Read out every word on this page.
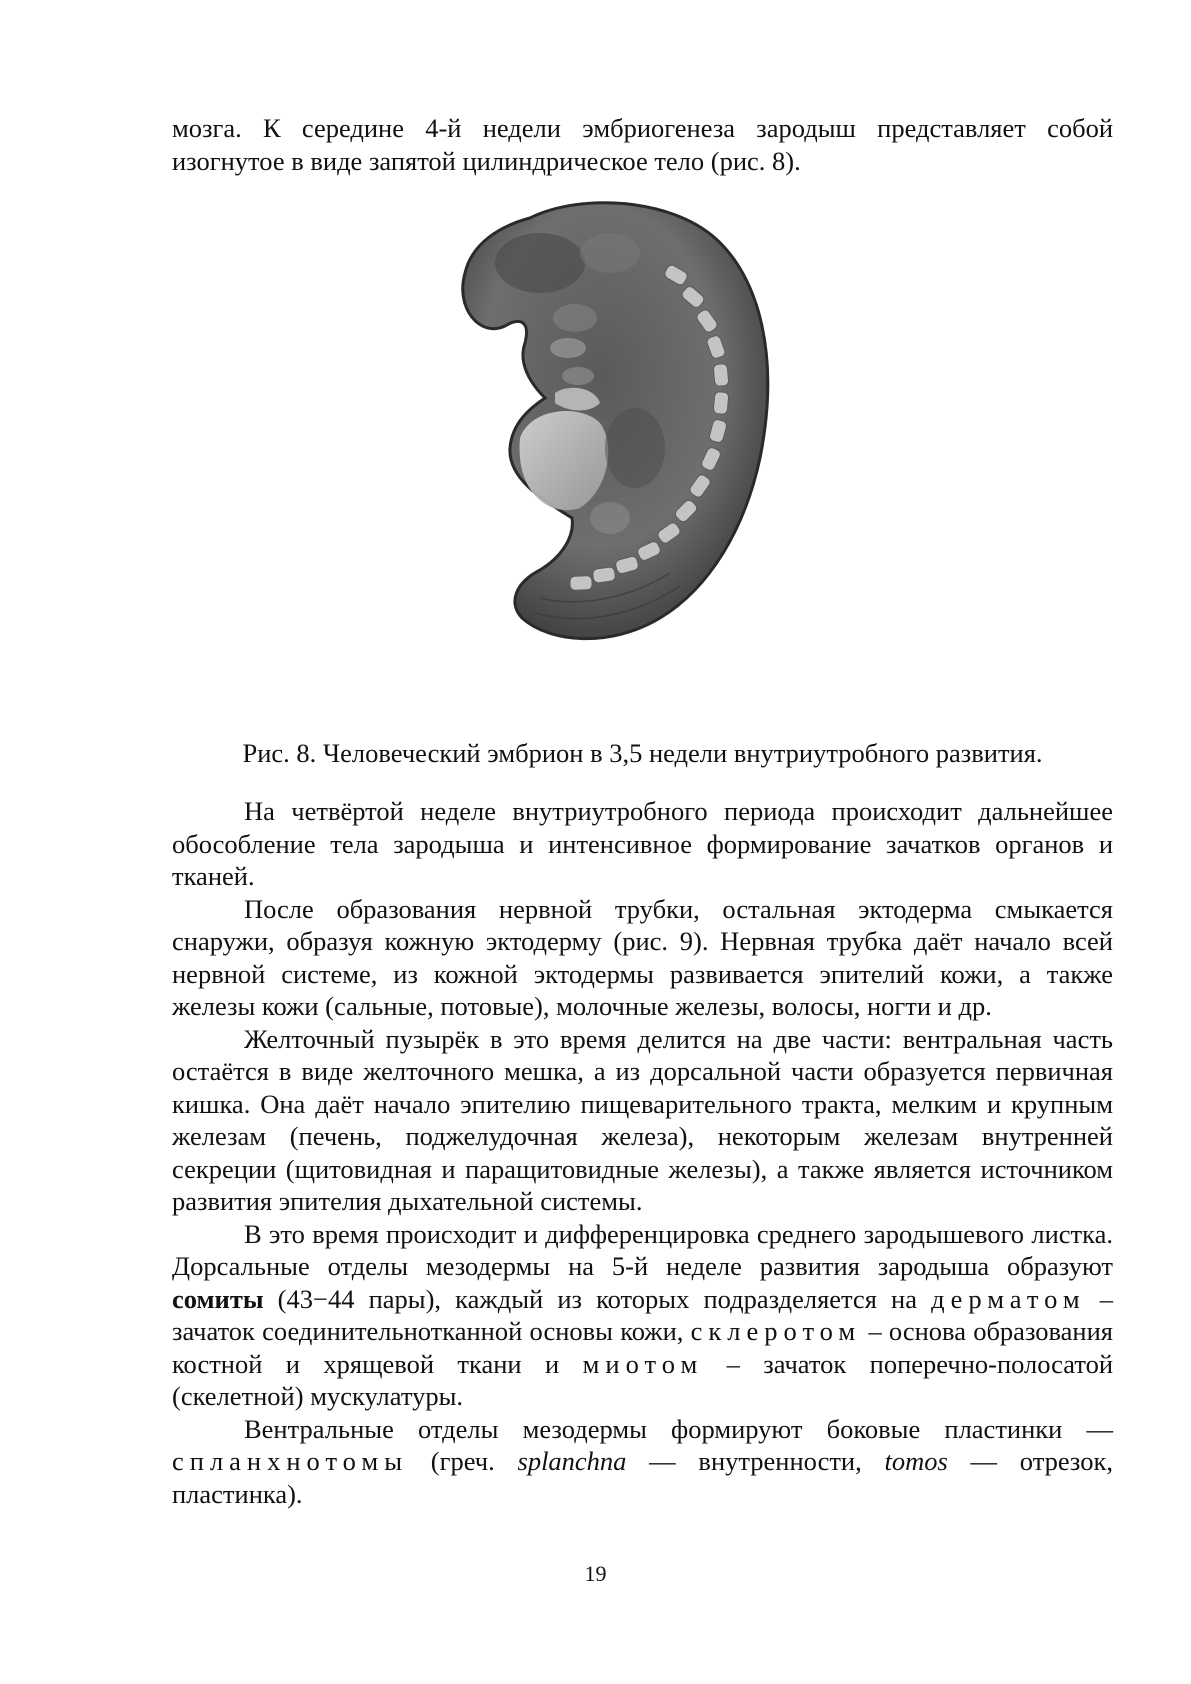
мозга. К середине 4-й недели эмбриогенеза зародыш представляет собой изогнутое в виде запятой цилиндрическое тело (рис. 8).

Рис. 8. Человеческий эмбрион в 3,5 недели внутриутробного развития.

На четвёртой неделе внутриутробного периода происходит дальнейшее обособление тела зародыша и интенсивное формирование зачатков органов и тканей.

После образования нервной трубки, остальная эктодерма смыкается снаружи, образуя кожную эктодерму (рис. 9). Нервная трубка даёт начало всей нервной системе, из кожной эктодермы развивается эпителий кожи, а также железы кожи (сальные, потовые), молочные железы, волосы, ногти и др.

Желточный пузырёк в это время делится на две части: вентральная часть остаётся в виде желточного мешка, а из дорсальной части образуется первичная кишка. Она даёт начало эпителию пищеварительного тракта, мелким и крупным железам (печень, поджелудочная железа), некоторым железам внутренней секреции (щитовидная и паращитовидные железы), а также является источником развития эпителия дыхательной системы.

В это время происходит и дифференцировка среднего зародышевого листка. Дорсальные отделы мезодермы на 5-й неделе развития зародыша образуют сомиты (43−44 пары), каждый из которых подразделяется на дерматом – зачаток соединительнотканной основы кожи, склеротом – основа образования костной и хрящевой ткани и миотом – зачаток поперечно-полосатой (скелетной) мускулатуры.

Вентральные отделы мезодермы формируют боковые пластинки — спланхнотомы (греч. splanchna — внутренности, tomos — отрезок, пластинка).

19
